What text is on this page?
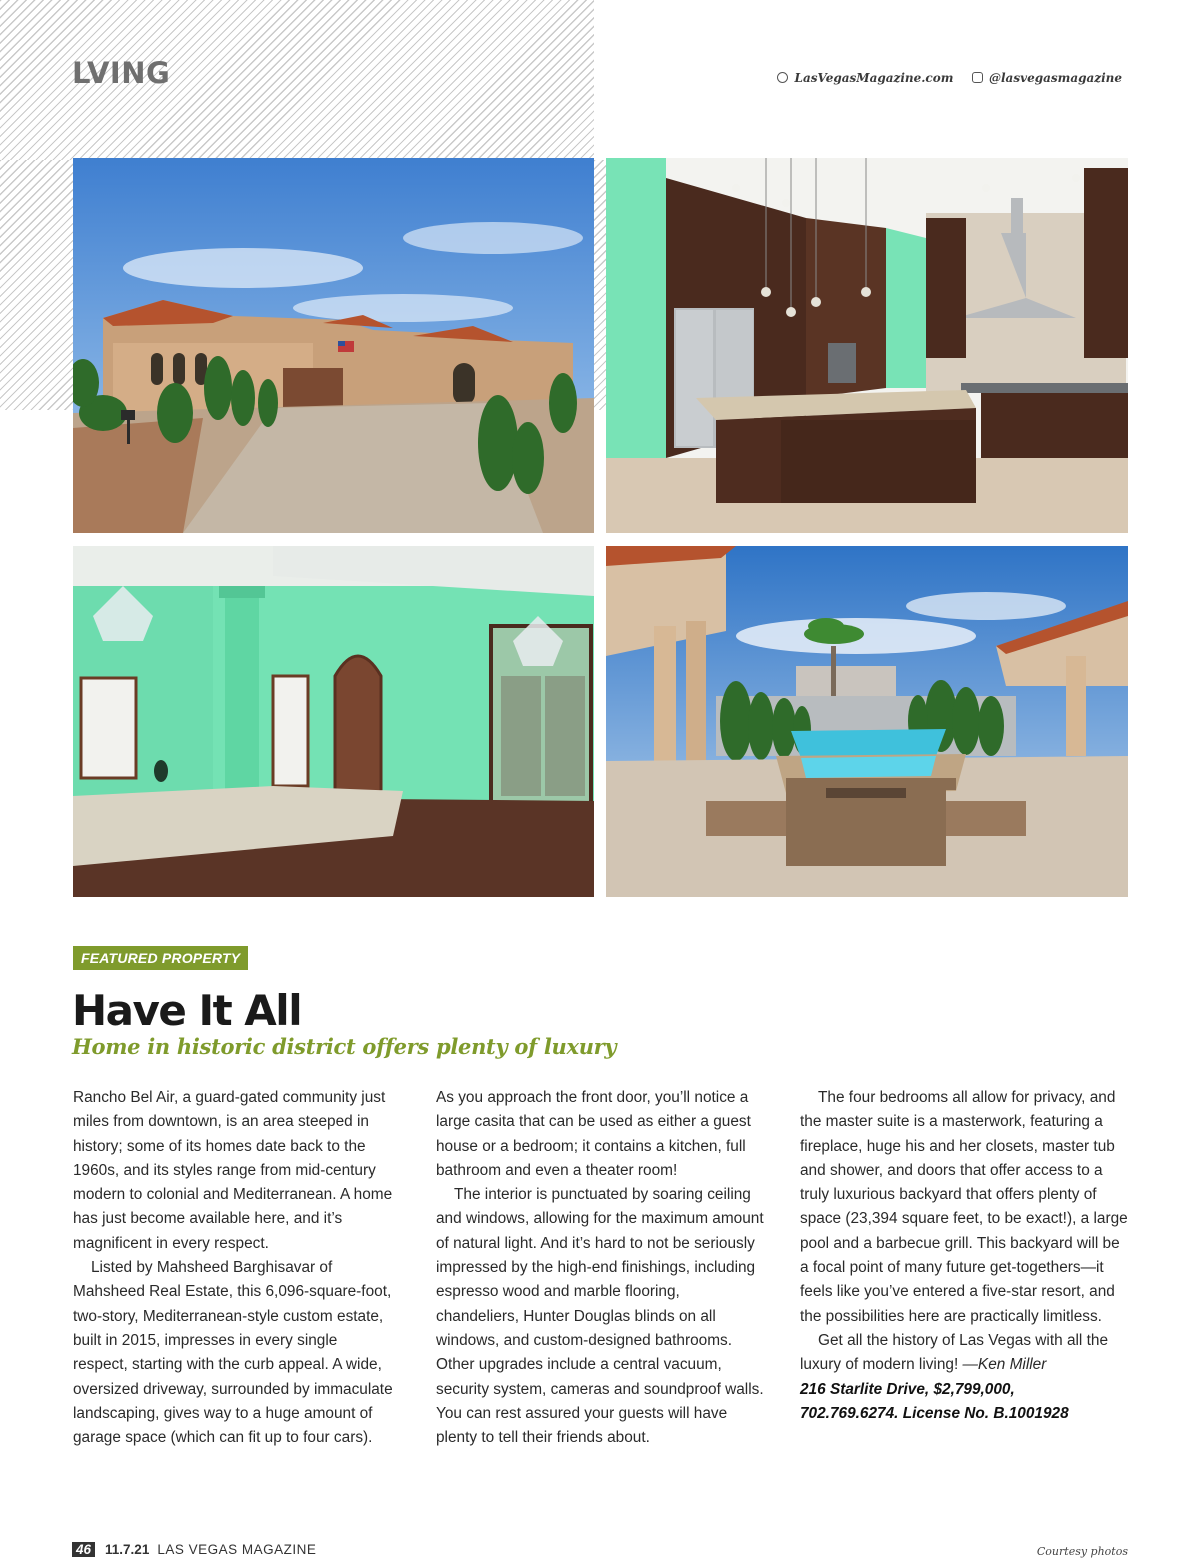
LVING	LasVegasMagazine.com	@lasvegasmagazine
FEATURED PROPERTY
Have It All
Home in historic district offers plenty of luxury

Rancho Bel Air, a guard-gated community just miles from downtown, is an area steeped in history; some of its homes date back to the 1960s, and its styles range from mid-century modern to colonial and Mediterranean. A home has just become available here, and it’s magnificent in every respect.

Listed by Mahsheed Barghisavar of Mahsheed Real Estate, this 6,096-square-foot, two-story, Mediterranean-style custom estate, built in 2015, impresses in every single respect, starting with the curb appeal. A wide, oversized driveway, surrounded by immaculate landscaping, gives way to a huge amount of garage space (which can fit up to four cars).

As you approach the front door, you’ll notice a large casita that can be used as either a guest house or a bedroom; it contains a kitchen, full bathroom and even a theater room!

The interior is punctuated by soaring ceiling and windows, allowing for the maximum amount of natural light. And it’s hard to not be seriously impressed by the high-end finishings, including espresso wood and marble flooring, chandeliers, Hunter Douglas blinds on all windows, and custom-designed bathrooms. Other upgrades include a central vacuum, security system, cameras and soundproof walls. You can rest assured your guests will have plenty to tell their friends about.

The four bedrooms all allow for privacy, and the master suite is a masterwork, featuring a fireplace, huge his and her closets, master tub and shower, and doors that offer access to a truly luxurious backyard that offers plenty of space (23,394 square feet, to be exact!), a large pool and a barbecue grill. This backyard will be a focal point of many future get-togethers—it feels like you’ve entered a five-star resort, and the possibilities here are practically limitless.

Get all the history of Las Vegas with all the luxury of modern living! —Ken Miller

216 Starlite Drive, $2,799,000,

702.769.6274. License No. B.1001928

46 11.7.21 LAS VEGAS MAGAZINE	Courtesy photos
